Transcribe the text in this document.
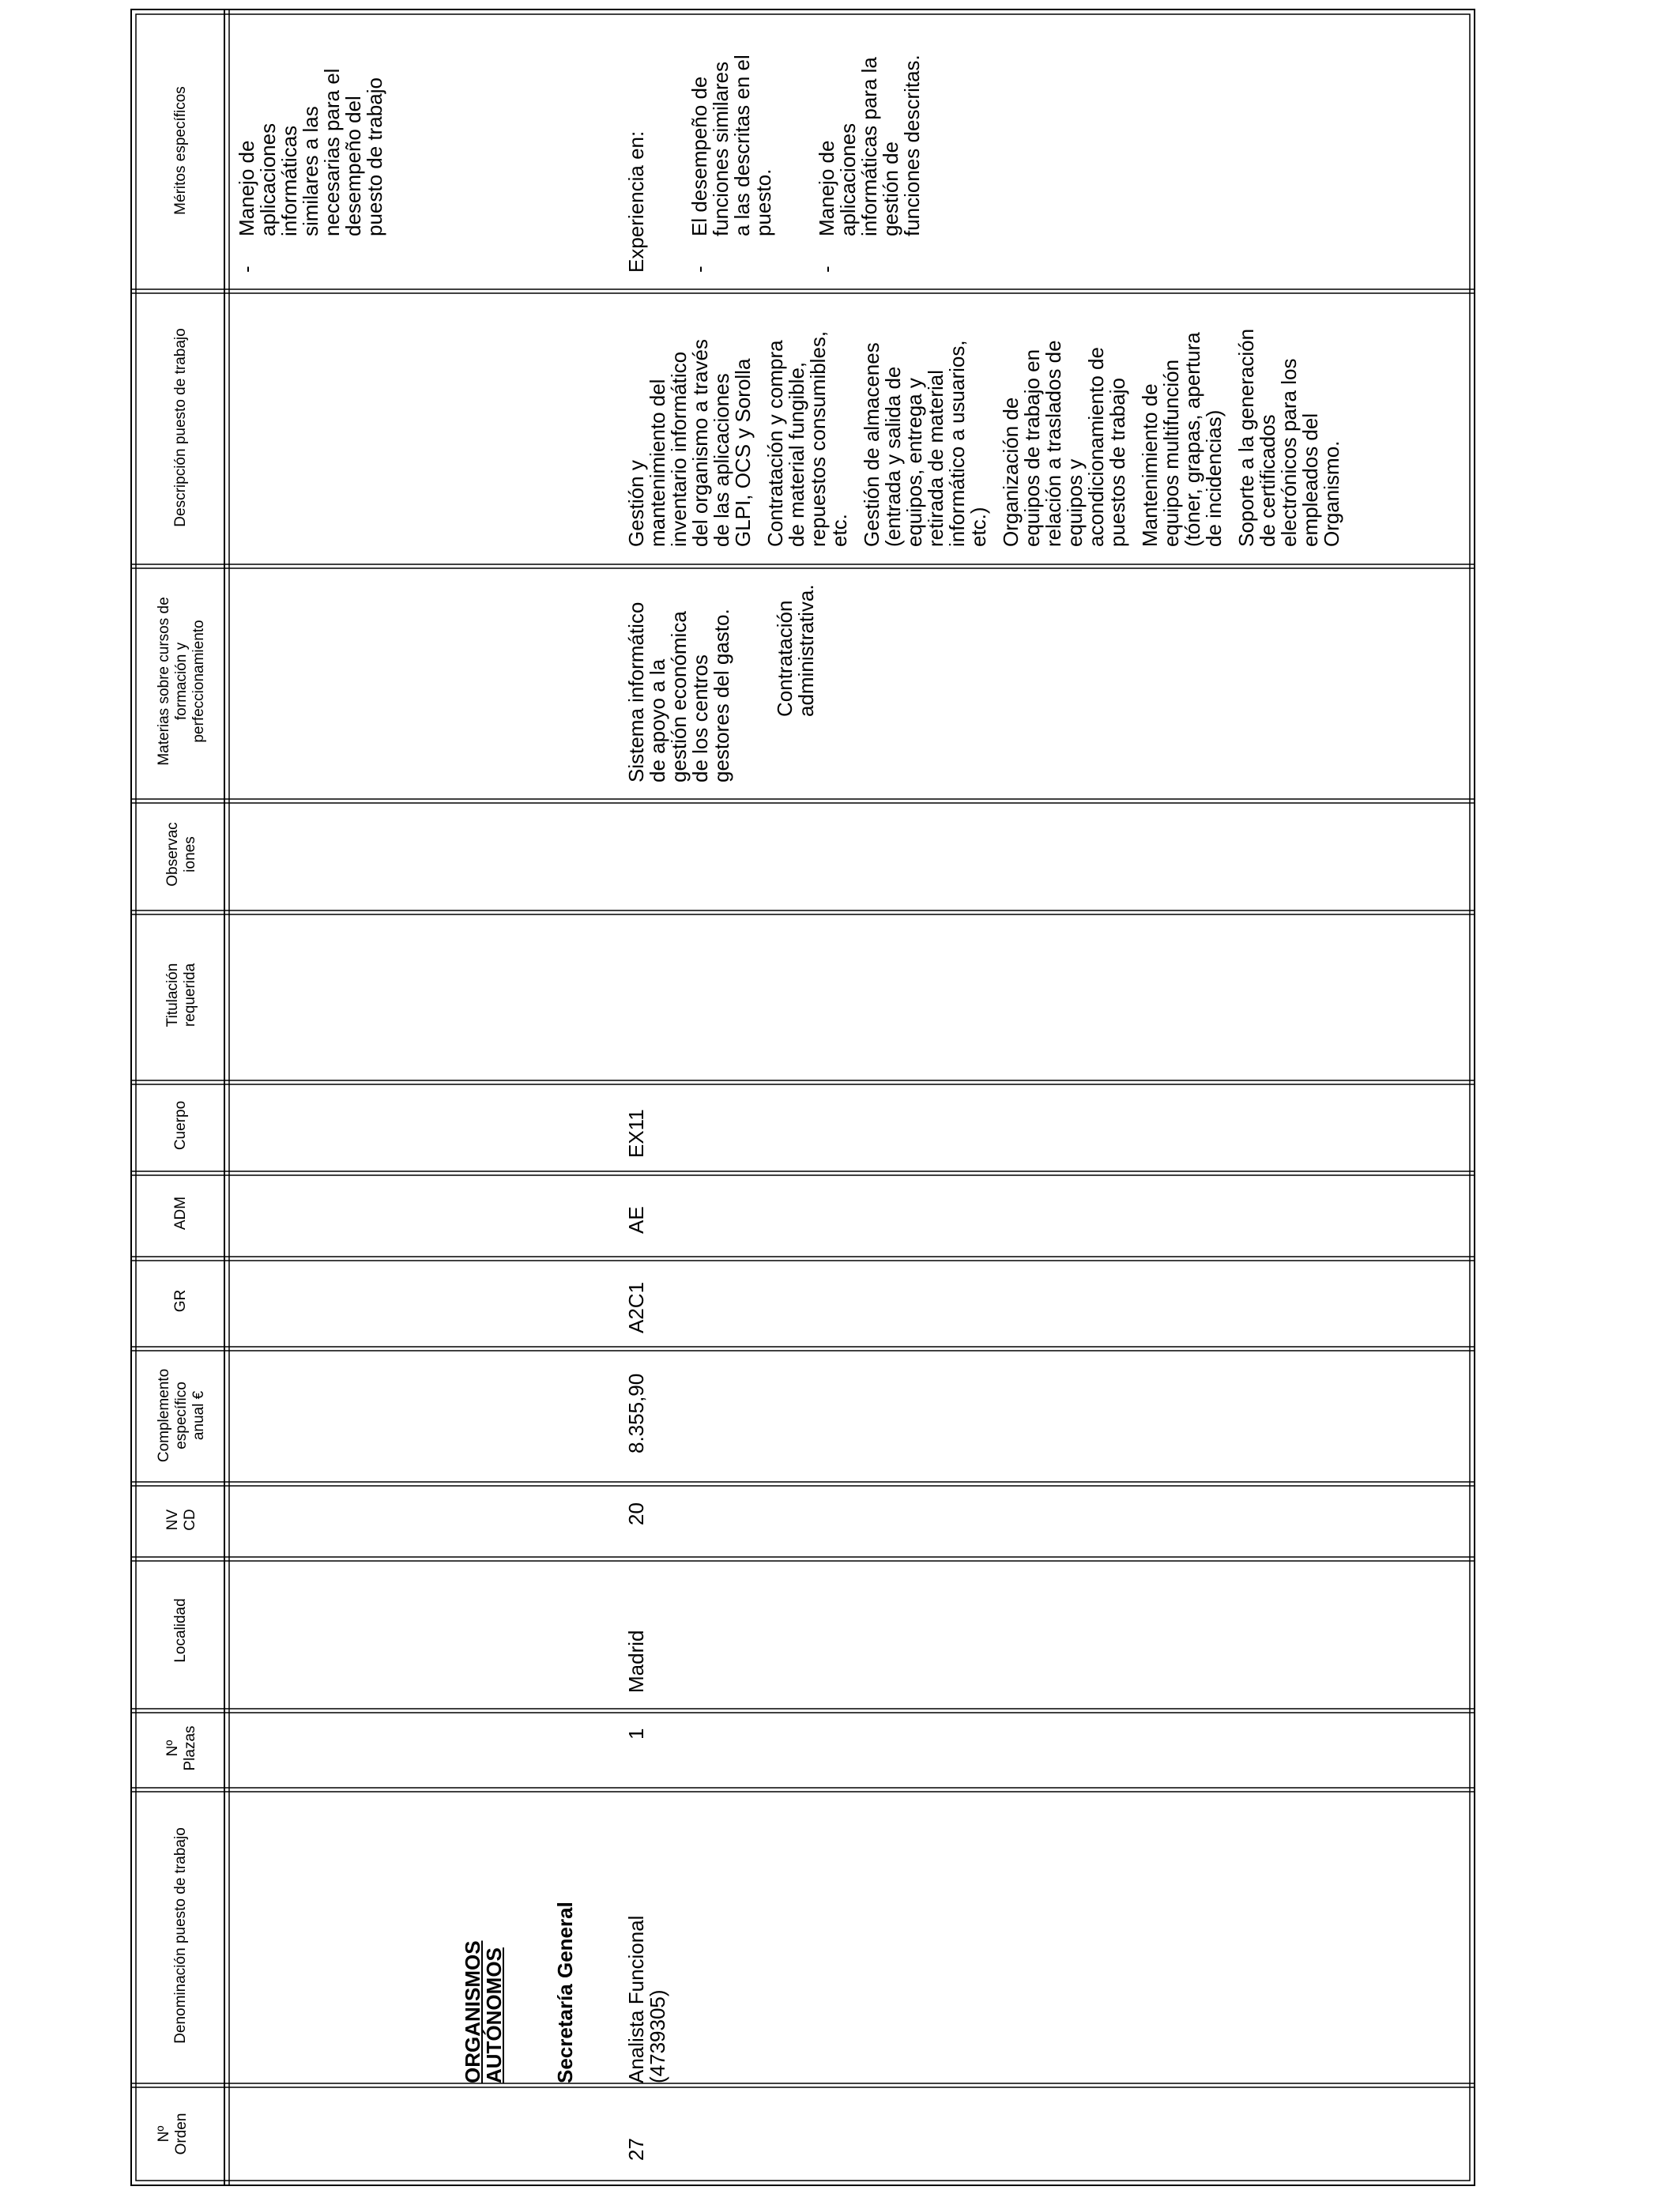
Nº Orden
Denominación puesto de trabajo
Nº Plazas
Localidad
NV CD
Complemento específico anual €
GR
ADM
Cuerpo
Titulación requerida
Observac iones
Materias sobre cursos de formación y perfeccionamiento
Descripción puesto de trabajo
Méritos específicos
ORGANISMOS
AUTÓNOMOS Secretaría General
-
Manejo de
aplicaciones
informáticas
similares a las
necesarias para el
desempeño del
puesto de trabajo
27
Analista Funcional
(4739305)
1
Madrid
20
8.355,90
A2C1
AE
EX11
Sistema informático
de apoyo a la
gestión económica
de los centros
gestores del gasto. Contratación
administrativa.
Gestión y
mantenimiento del
inventario informático
del organismo a través
de las aplicaciones
GLPI, OCS y Sorolla Contratación y compra
de material fungible,
repuestos consumibles,
etc. Gestión de almacenes
(entrada y salida de
equipos, entrega y
retirada de material
informático a usuarios,
etc.) Organización de
equipos de trabajo en
relación a traslados de
equipos y
acondicionamiento de
puestos de trabajo Mantenimiento de
equipos multifunción
(tóner, grapas, apertura
de incidencias) Soporte a la generación
de certificados
electrónicos para los
empleados del
Organismo.
Experiencia en: -
El desempeño de
funciones similares
a las descritas en el
puesto.
-
Manejo de
aplicaciones
informáticas para la
gestión de
funciones descritas.
